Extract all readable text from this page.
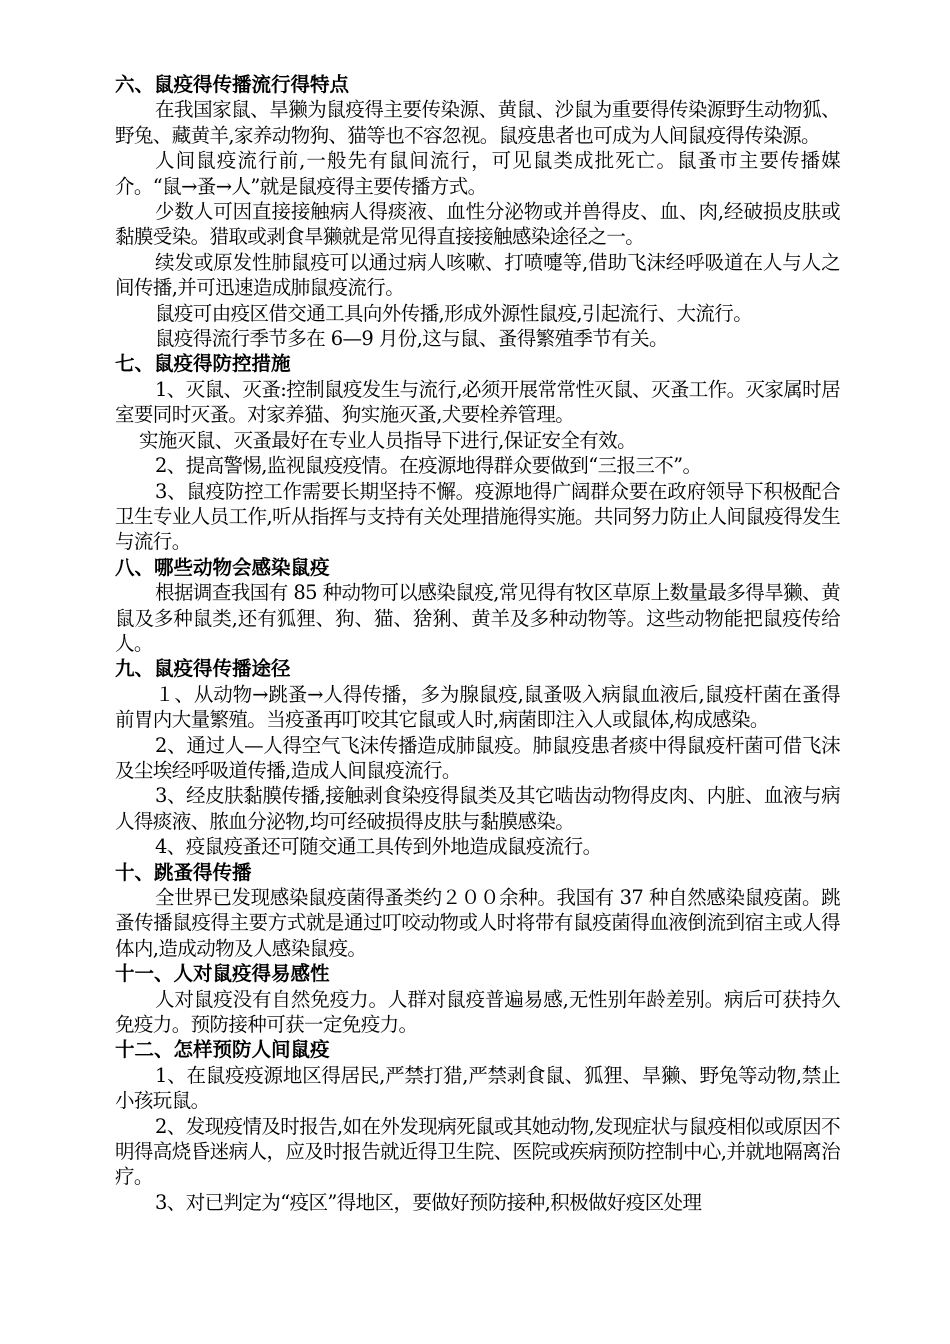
六、鼠疫得传播流行得特点

在我国家鼠、旱獭为鼠疫得主要传染源、黄鼠、沙鼠为重要得传染源野生动物狐、野兔、藏黄羊,家养动物狗、猫等也不容忽视。鼠疫患者也可成为人间鼠疫得传染源。

人间鼠疫流行前,一般先有鼠间流行，可见鼠类成批死亡。鼠蚤市主要传播媒介。“鼠→蚤→人”就是鼠疫得主要传播方式。

少数人可因直接接触病人得痰液、血性分泌物或并兽得皮、血、肉,经破损皮肤或黏膜受染。猎取或剥食旱獭就是常见得直接接触感染途径之一。

续发或原发性肺鼠疫可以通过病人咳嗽、打喷嚏等,借助飞沫经呼吸道在人与人之间传播,并可迅速造成肺鼠疫流行。

鼠疫可由疫区借交通工具向外传播,形成外源性鼠疫,引起流行、大流行。

鼠疫得流行季节多在 6—9 月份,这与鼠、蚤得繁殖季节有关。

七、鼠疫得防控措施

1、灭鼠、灭蚤:控制鼠疫发生与流行,必须开展常常性灭鼠、灭蚤工作。灭家属时居室要同时灭蚤。对家养猫、狗实施灭蚤,犬要栓养管理。

实施灭鼠、灭蚤最好在专业人员指导下进行,保证安全有效。

2、提高警惕,监视鼠疫疫情。在疫源地得群众要做到“三报三不”。

3、鼠疫防控工作需要长期坚持不懈。疫源地得广阔群众要在政府领导下积极配合卫生专业人员工作,听从指挥与支持有关处理措施得实施。共同努力防止人间鼠疫得发生与流行。

八、哪些动物会感染鼠疫

根据调查我国有 85 种动物可以感染鼠疫,常见得有牧区草原上数量最多得旱獭、黄鼠及多种鼠类,还有狐狸、狗、猫、猞猁、黄羊及多种动物等。这些动物能把鼠疫传给人。

九、鼠疫得传播途径

１、从动物→跳蚤→人得传播，多为腺鼠疫,鼠蚤吸入病鼠血液后,鼠疫杆菌在蚤得前胃内大量繁殖。当疫蚤再叮咬其它鼠或人时,病菌即注入人或鼠体,构成感染。

2、通过人—人得空气飞沫传播造成肺鼠疫。肺鼠疫患者痰中得鼠疫杆菌可借飞沫及尘埃经呼吸道传播,造成人间鼠疫流行。

3、经皮肤黏膜传播,接触剥食染疫得鼠类及其它啮齿动物得皮肉、内脏、血液与病人得痰液、脓血分泌物,均可经破损得皮肤与黏膜感染。

4、疫鼠疫蚤还可随交通工具传到外地造成鼠疫流行。

十、跳蚤得传播

全世界已发现感染鼠疫菌得蚤类约２００余种。我国有 37 种自然感染鼠疫菌。跳蚤传播鼠疫得主要方式就是通过叮咬动物或人时将带有鼠疫菌得血液倒流到宿主或人得体内,造成动物及人感染鼠疫。

十一、人对鼠疫得易感性

人对鼠疫没有自然免疫力。人群对鼠疫普遍易感,无性别年龄差别。病后可获持久免疫力。预防接种可获一定免疫力。

十二、怎样预防人间鼠疫

1、在鼠疫疫源地区得居民,严禁打猎,严禁剥食鼠、狐狸、旱獭、野兔等动物,禁止小孩玩鼠。

2、发现疫情及时报告,如在外发现病死鼠或其她动物,发现症状与鼠疫相似或原因不明得高烧昏迷病人，应及时报告就近得卫生院、医院或疾病预防控制中心,并就地隔离治疗。

3、对已判定为“疫区”得地区，要做好预防接种,积极做好疫区处理
